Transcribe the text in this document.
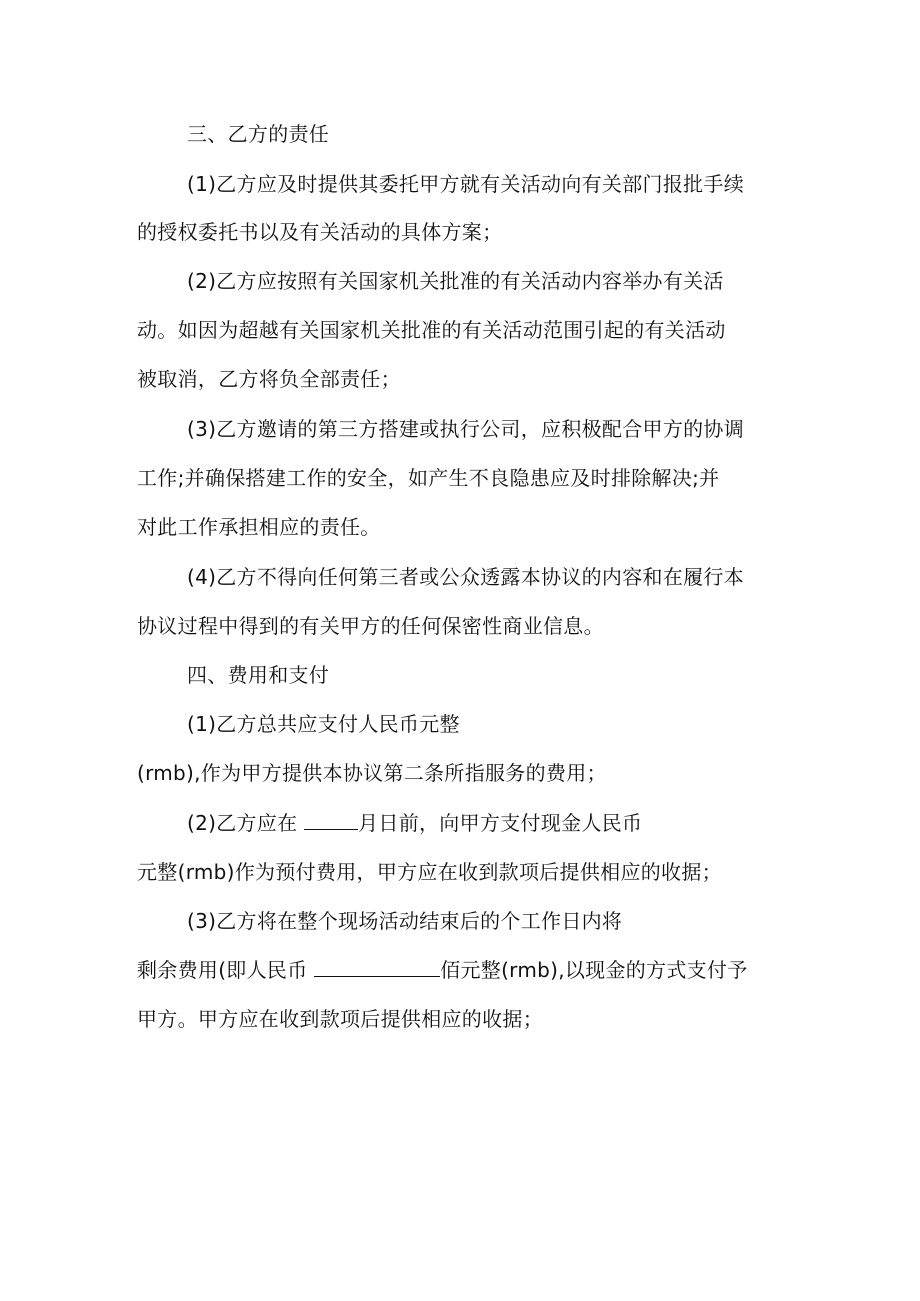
三、乙方的责任
(1)乙方应及时提供其委托甲方就有关活动向有关部门报批手续
的授权委托书以及有关活动的具体方案；
(2)乙方应按照有关国家机关批准的有关活动内容举办有关活
动。如因为超越有关国家机关批准的有关活动范围引起的有关活动
被取消，乙方将负全部责任；
(3)乙方邀请的第三方搭建或执行公司，应积极配合甲方的协调
工作;并确保搭建工作的安全，如产生不良隐患应及时排除解决;并
对此工作承担相应的责任。
(4)乙方不得向任何第三者或公众透露本协议的内容和在履行本
协议过程中得到的有关甲方的任何保密性商业信息。
四、费用和支付
(1)乙方总共应支付人民币元整
(rmb),作为甲方提供本协议第二条所指服务的费用；
(2)乙方应在	月日前，向甲方支付现金人民币
元整(rmb)作为预付费用，甲方应在收到款项后提供相应的收据；
(3)乙方将在整个现场活动结束后的个工作日内将
剩余费用(即人民币	佰元整(rmb),以现金的方式支付予
甲方。甲方应在收到款项后提供相应的收据；
